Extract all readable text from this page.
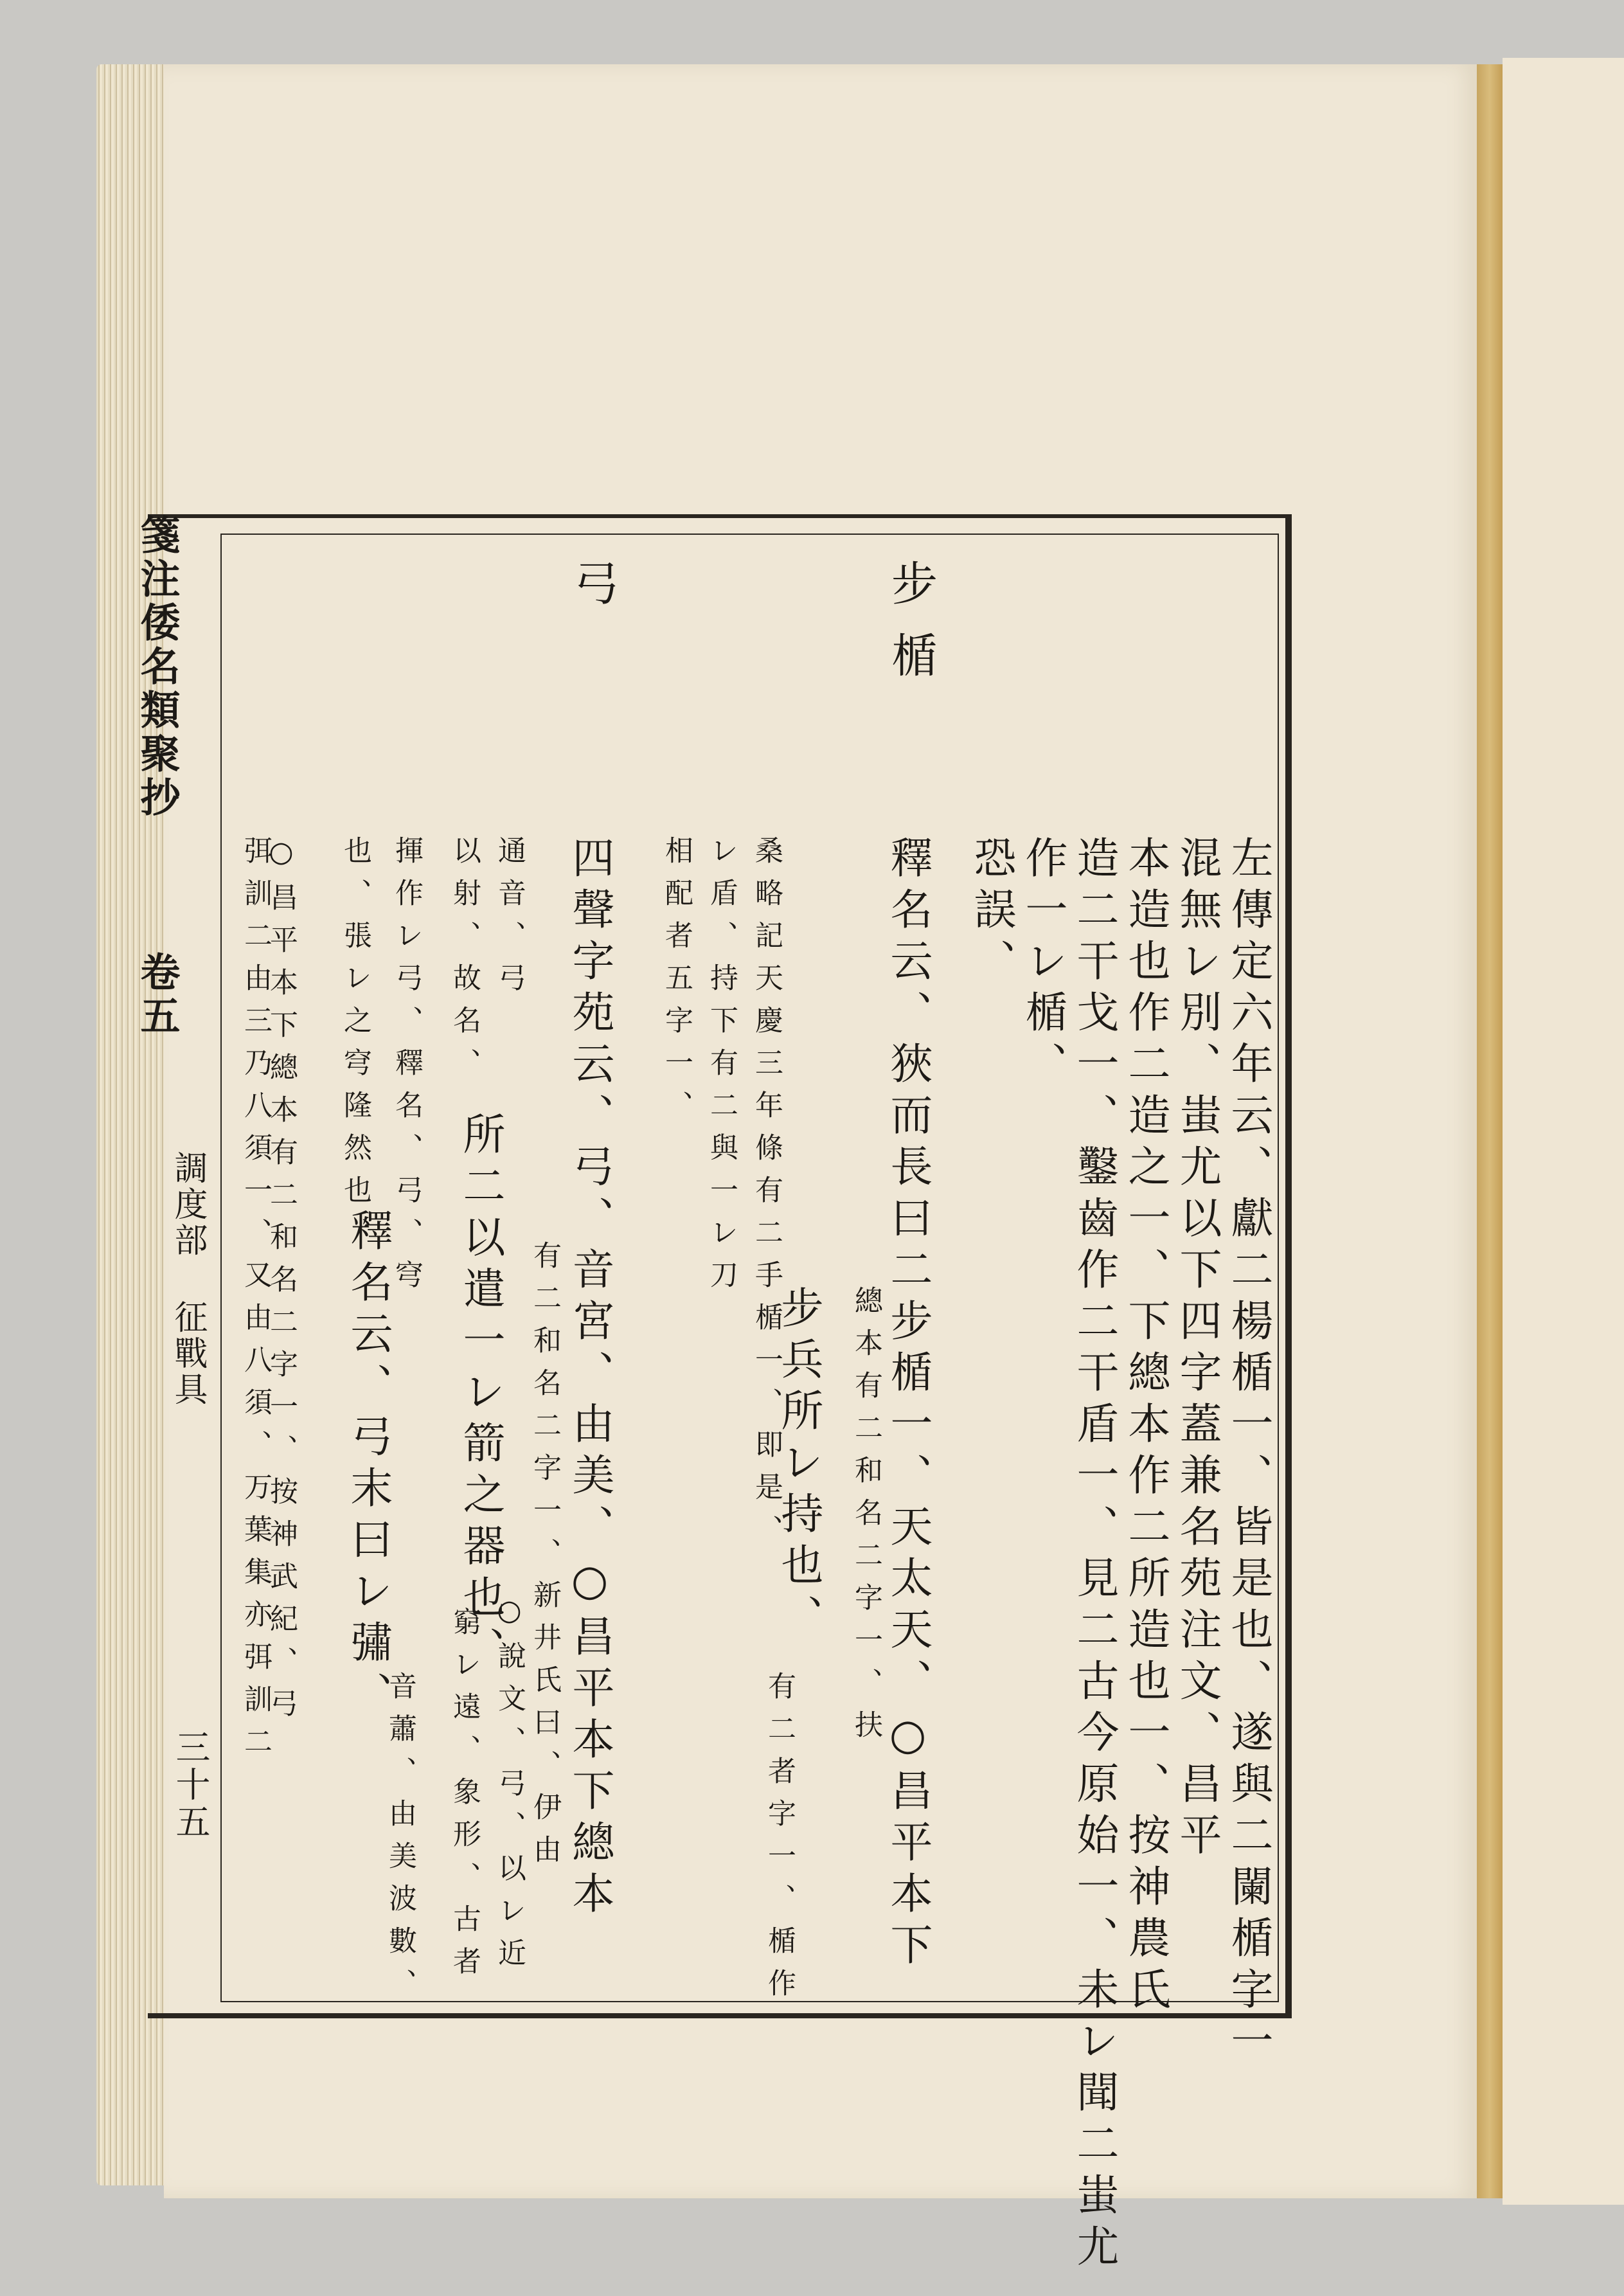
箋注倭名類聚抄
卷五
調度部 征戰具
三十五	左傳定六年云、獻二楊楯一、皆是也、遂與二闌楯字一
混無レ別、蚩尤以下四字蓋兼名苑注文、昌平
本造也作二造之一、下總本作二所造也一、按神農氏
造二干戈一、鑿齒作二干盾一、見二古今原始一、未レ聞二蚩尤
作一レ楯、
恐誤、
步楯
釋名云、狹而長曰二步楯一、天太天、○昌平本下
總本有二和名二字一、扶
桑略記天慶三年條有二手楯一、即是、
步兵所レ持也、
有二者字一、楯作
レ盾、持下有二與一レ刀
相配者五字一、
弓
四聲字苑云、弓、音宮、由美、○昌平本下總本
通音、弓
有二和名二字一、新井氏曰、伊由
以射、故名、
所二以遣一レ箭之器也、
窮レ遠、象形、古者
揮作レ弓、釋名、弓、穹
○說文、弓、以レ近
也、張レ之穹隆然也、
釋名云、弓末曰レ彇、
音蕭、由美波數、
○昌平本下總本有二和名二字一、按神武紀、弓
弭訓二由三乃八須一、又由八須、万葉集亦弭訓二
